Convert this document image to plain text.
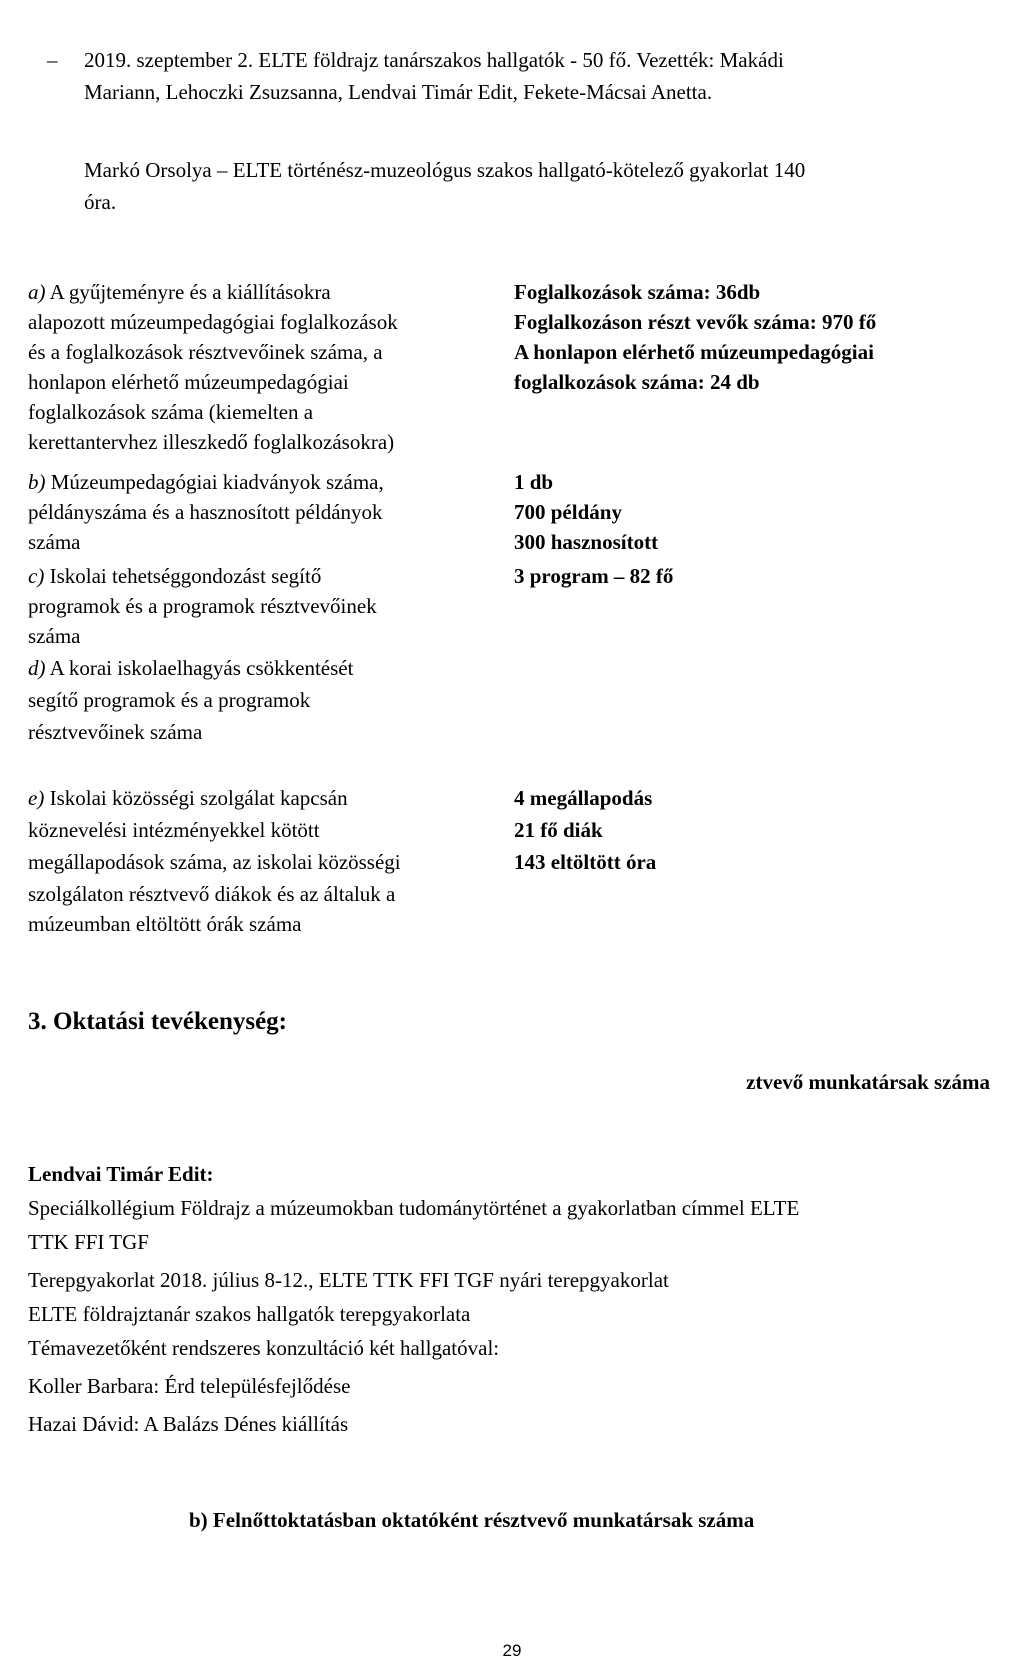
– 2019. szeptember 2. ELTE földrajz tanárszakos hallgatók - 50 fő. Vezették: Makádi
Mariann, Lehoczki Zsuzsanna, Lendvai Timár Edit, Fekete-Mácsai Anetta.
Markó Orsolya – ELTE történész-muzeológus szakos hallgató-kötelező gyakorlat 140
óra.
a) A gyűjteményre és a kiállításokra
alapozott múzeumpedagógiai foglalkozások
és a foglalkozások résztvevőinek száma, a
honlapon elérhető múzeumpedagógiai
foglalkozások száma (kiemelten a
kerettantervhez illeszkedő foglalkozásokra)
Foglalkozások száma: 36db
Foglalkozáson részt vevők száma: 970 fő
A honlapon elérhető múzeumpedagógiai
foglalkozások száma: 24 db
b) Múzeumpedagógiai kiadványok száma,
példányszáma és a hasznosított példányok
száma
1 db
700 példány
300 hasznosított
c) Iskolai tehetséggondozást segítő
programok és a programok résztvevőinek
száma
3 program – 82 fő
d) A korai iskolaelhagyás csökkentését
segítő programok és a programok
résztvevőinek száma
e) Iskolai közösségi szolgálat kapcsán
köznevelési intézményekkel kötött
megállapodások száma, az iskolai közösségi
szolgálaton résztvevő diákok és az általuk a
múzeumban eltöltött órák száma
4 megállapodás
21 fő diák
143 eltöltött óra
3. Oktatási tevékenység:
ztvevő munkatársak száma
Lendvai Timár Edit:
Speciálkollégium Földrajz a múzeumokban tudománytörténet a gyakorlatban címmel ELTE
TTK FFI TGF
Terepgyakorlat 2018. július 8-12., ELTE TTK FFI TGF nyári terepgyakorlat
ELTE földrajztanár szakos hallgatók terepgyakorlata
Témavezetőként rendszeres konzultáció két hallgatóval:
Koller Barbara: Érd településfejlődése
Hazai Dávid: A Balázs Dénes kiállítás
b) Felnőttoktatásban oktatóként résztvevő munkatársak száma
29
